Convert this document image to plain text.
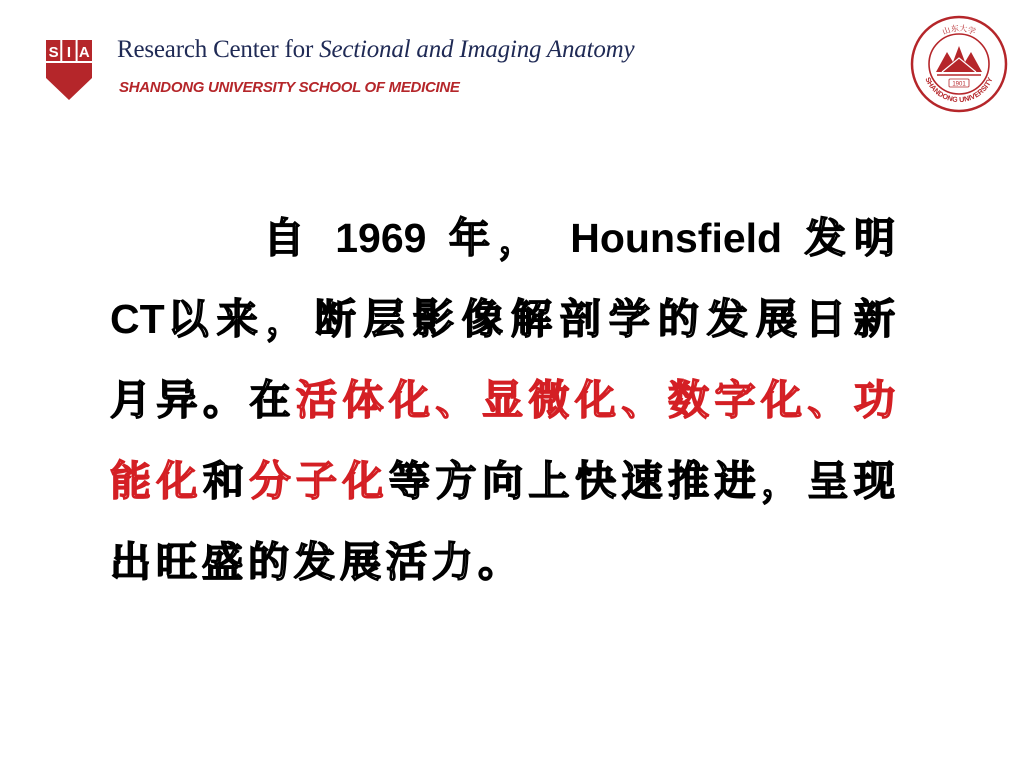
S I A Research Center for Sectional and Imaging Anatomy
SHANDONG UNIVERSITY SCHOOL OF MEDICINE
山东大学
1901
SHANDONG UNIVERSITY
自 1969 年， Hounsfield 发明 CT以来，断层影像解剖学的发展日新月异。在活体化、显微化、数字化、功能化和分子化等方向上快速推进，呈现出旺盛的发展活力。
